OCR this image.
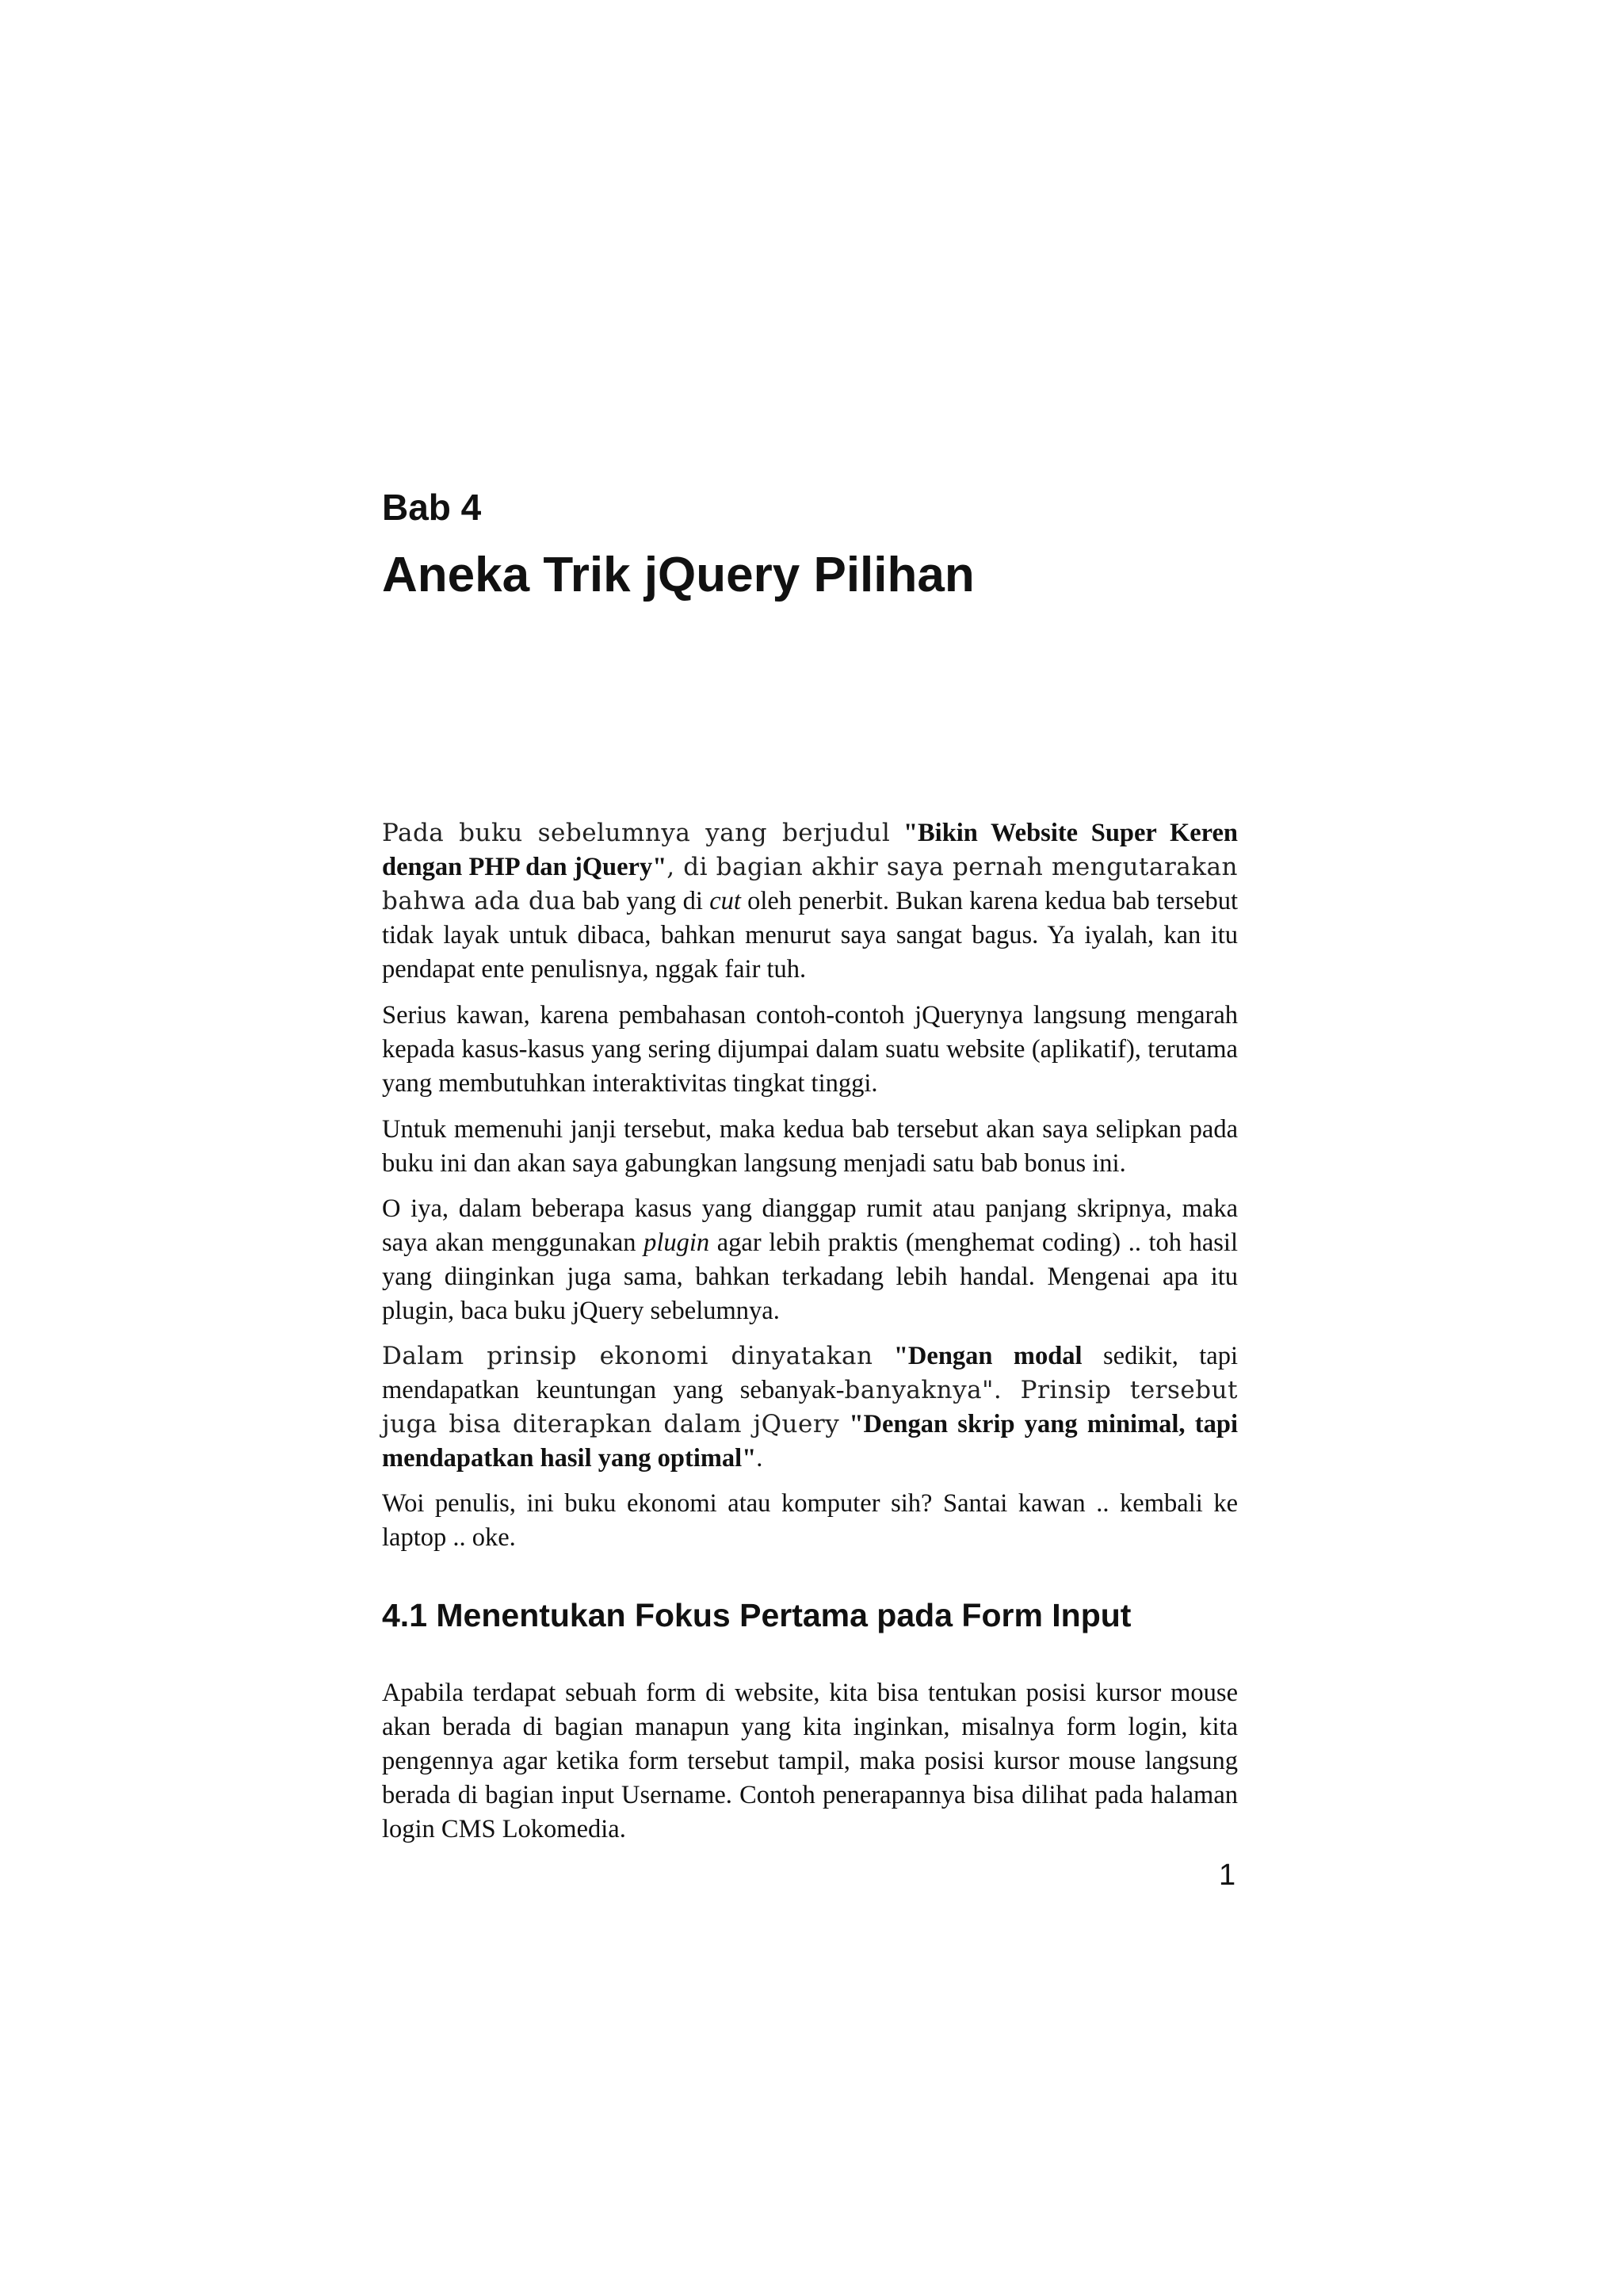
Bab 4
Aneka Trik jQuery Pilihan

Pada buku sebelumnya yang berjudul "Bikin Website Super Keren dengan PHP dan jQuery", di bagian akhir saya pernah mengutarakan bahwa ada dua bab yang di cut oleh penerbit. Bukan karena kedua bab tersebut tidak layak untuk dibaca, bahkan menurut saya sangat bagus. Ya iyalah, kan itu pendapat ente penulisnya, nggak fair tuh.

Serius kawan, karena pembahasan contoh-contoh jQuerynya langsung mengarah kepada kasus-kasus yang sering dijumpai dalam suatu website (aplikatif), terutama yang membutuhkan interaktivitas tingkat tinggi.

Untuk memenuhi janji tersebut, maka kedua bab tersebut akan saya selipkan pada buku ini dan akan saya gabungkan langsung menjadi satu bab bonus ini.

O iya, dalam beberapa kasus yang dianggap rumit atau panjang skripnya, maka saya akan menggunakan plugin agar lebih praktis (menghemat coding) .. toh hasil yang diinginkan juga sama, bahkan terkadang lebih handal. Mengenai apa itu plugin, baca buku jQuery sebelumnya.

Dalam prinsip ekonomi dinyatakan "Dengan modal sedikit, tapi mendapatkan keuntungan yang sebanyak-banyaknya". Prinsip tersebut juga bisa diterapkan dalam jQuery "Dengan skrip yang minimal, tapi mendapatkan hasil yang optimal".

Woi penulis, ini buku ekonomi atau komputer sih? Santai kawan .. kembali ke laptop .. oke.

4.1 Menentukan Fokus Pertama pada Form Input

Apabila terdapat sebuah form di website, kita bisa tentukan posisi kursor mouse akan berada di bagian manapun yang kita inginkan, misalnya form login, kita pengennya agar ketika form tersebut tampil, maka posisi kursor mouse langsung berada di bagian input Username. Contoh penerapannya bisa dilihat pada halaman login CMS Lokomedia.

1
